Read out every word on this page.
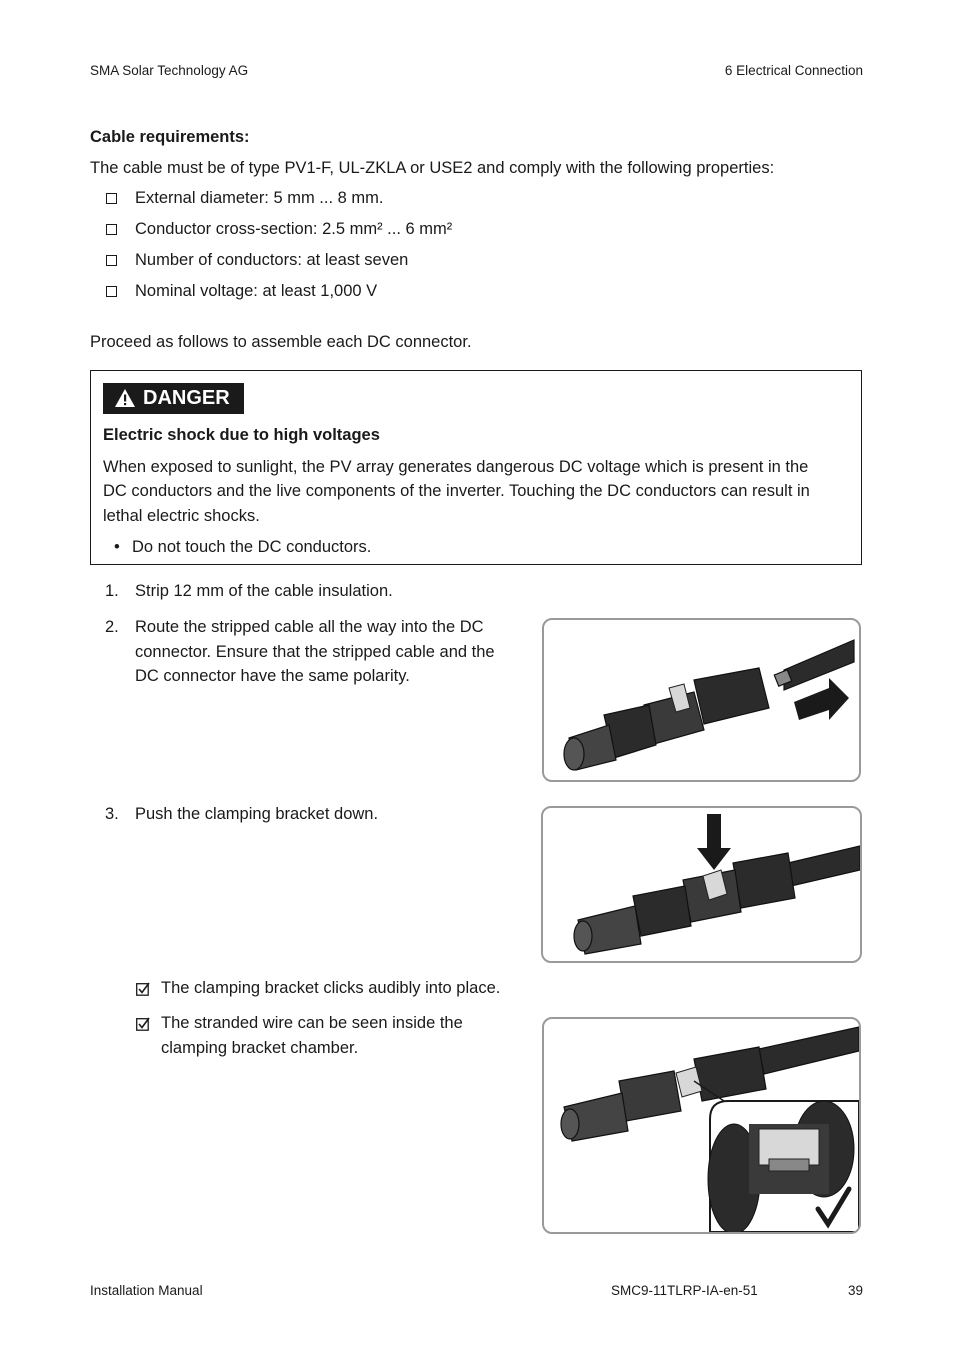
SMA Solar Technology AG	6 Electrical Connection
Cable requirements:
The cable must be of type PV1-F, UL-ZKLA or USE2 and comply with the following properties:
External diameter: 5 mm ... 8 mm.
Conductor cross-section: 2.5 mm² ... 6 mm²
Number of conductors: at least seven
Nominal voltage: at least 1,000 V
Proceed as follows to assemble each DC connector.
DANGER
Electric shock due to high voltages
When exposed to sunlight, the PV array generates dangerous DC voltage which is present in the
DC conductors and the live components of the inverter. Touching the DC conductors can result in
lethal electric shocks.
• Do not touch the DC conductors.
1. Strip 12 mm of the cable insulation.
2. Route the stripped cable all the way into the DC
connector. Ensure that the stripped cable and the
DC connector have the same polarity.
3. Push the clamping bracket down.
The clamping bracket clicks audibly into place.
The stranded wire can be seen inside the
clamping bracket chamber.
Installation Manual	SMC9-11TLRP-IA-en-51	39
